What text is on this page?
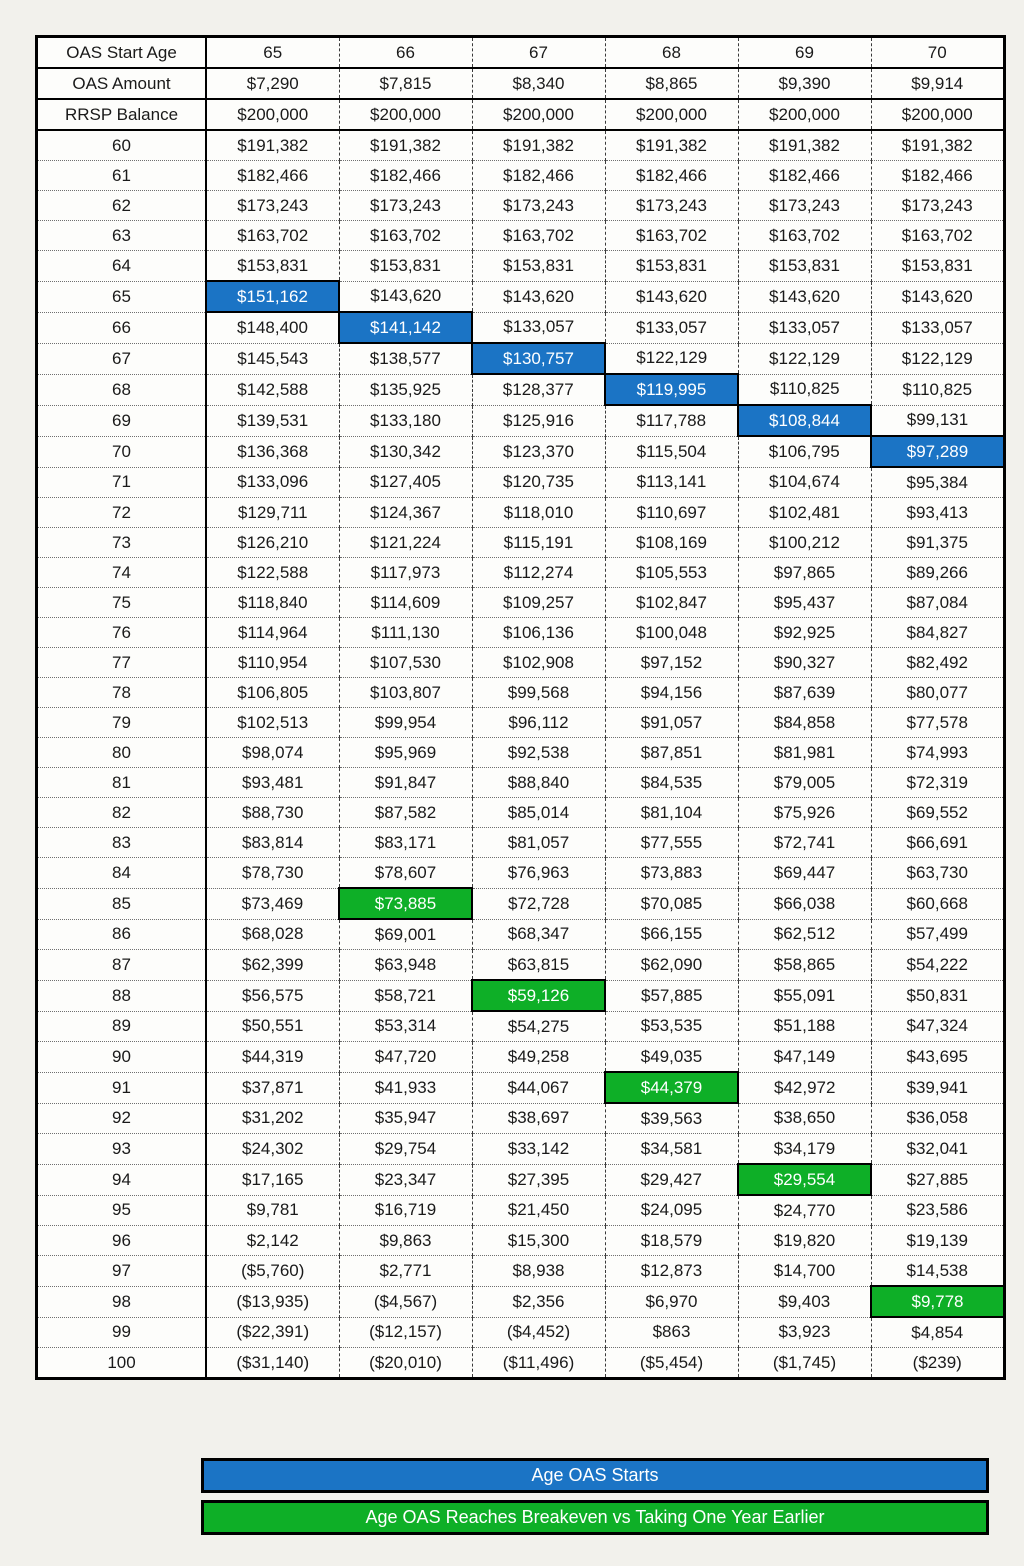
OAS Start Age	65	66	67	68	69	70
OAS Amount	$7,290	$7,815	$8,340	$8,865	$9,390	$9,914
RRSP Balance	$200,000	$200,000	$200,000	$200,000	$200,000	$200,000
60	$191,382	$191,382	$191,382	$191,382	$191,382	$191,382
61	$182,466	$182,466	$182,466	$182,466	$182,466	$182,466
62	$173,243	$173,243	$173,243	$173,243	$173,243	$173,243
63	$163,702	$163,702	$163,702	$163,702	$163,702	$163,702
64	$153,831	$153,831	$153,831	$153,831	$153,831	$153,831
65	$151,162	$143,620	$143,620	$143,620	$143,620	$143,620
66	$148,400	$141,142	$133,057	$133,057	$133,057	$133,057
67	$145,543	$138,577	$130,757	$122,129	$122,129	$122,129
68	$142,588	$135,925	$128,377	$119,995	$110,825	$110,825
69	$139,531	$133,180	$125,916	$117,788	$108,844	$99,131
70	$136,368	$130,342	$123,370	$115,504	$106,795	$97,289
71	$133,096	$127,405	$120,735	$113,141	$104,674	$95,384
72	$129,711	$124,367	$118,010	$110,697	$102,481	$93,413
73	$126,210	$121,224	$115,191	$108,169	$100,212	$91,375
74	$122,588	$117,973	$112,274	$105,553	$97,865	$89,266
75	$118,840	$114,609	$109,257	$102,847	$95,437	$87,084
76	$114,964	$111,130	$106,136	$100,048	$92,925	$84,827
77	$110,954	$107,530	$102,908	$97,152	$90,327	$82,492
78	$106,805	$103,807	$99,568	$94,156	$87,639	$80,077
79	$102,513	$99,954	$96,112	$91,057	$84,858	$77,578
80	$98,074	$95,969	$92,538	$87,851	$81,981	$74,993
81	$93,481	$91,847	$88,840	$84,535	$79,005	$72,319
82	$88,730	$87,582	$85,014	$81,104	$75,926	$69,552
83	$83,814	$83,171	$81,057	$77,555	$72,741	$66,691
84	$78,730	$78,607	$76,963	$73,883	$69,447	$63,730
85	$73,469	$73,885	$72,728	$70,085	$66,038	$60,668
86	$68,028	$69,001	$68,347	$66,155	$62,512	$57,499
87	$62,399	$63,948	$63,815	$62,090	$58,865	$54,222
88	$56,575	$58,721	$59,126	$57,885	$55,091	$50,831
89	$50,551	$53,314	$54,275	$53,535	$51,188	$47,324
90	$44,319	$47,720	$49,258	$49,035	$47,149	$43,695
91	$37,871	$41,933	$44,067	$44,379	$42,972	$39,941
92	$31,202	$35,947	$38,697	$39,563	$38,650	$36,058
93	$24,302	$29,754	$33,142	$34,581	$34,179	$32,041
94	$17,165	$23,347	$27,395	$29,427	$29,554	$27,885
95	$9,781	$16,719	$21,450	$24,095	$24,770	$23,586
96	$2,142	$9,863	$15,300	$18,579	$19,820	$19,139
97	($5,760)	$2,771	$8,938	$12,873	$14,700	$14,538
98	($13,935)	($4,567)	$2,356	$6,970	$9,403	$9,778
99	($22,391)	($12,157)	($4,452)	$863	$3,923	$4,854
100	($31,140)	($20,010)	($11,496)	($5,454)	($1,745)	($239)
Age OAS Starts
Age OAS Reaches Breakeven vs Taking One Year Earlier
